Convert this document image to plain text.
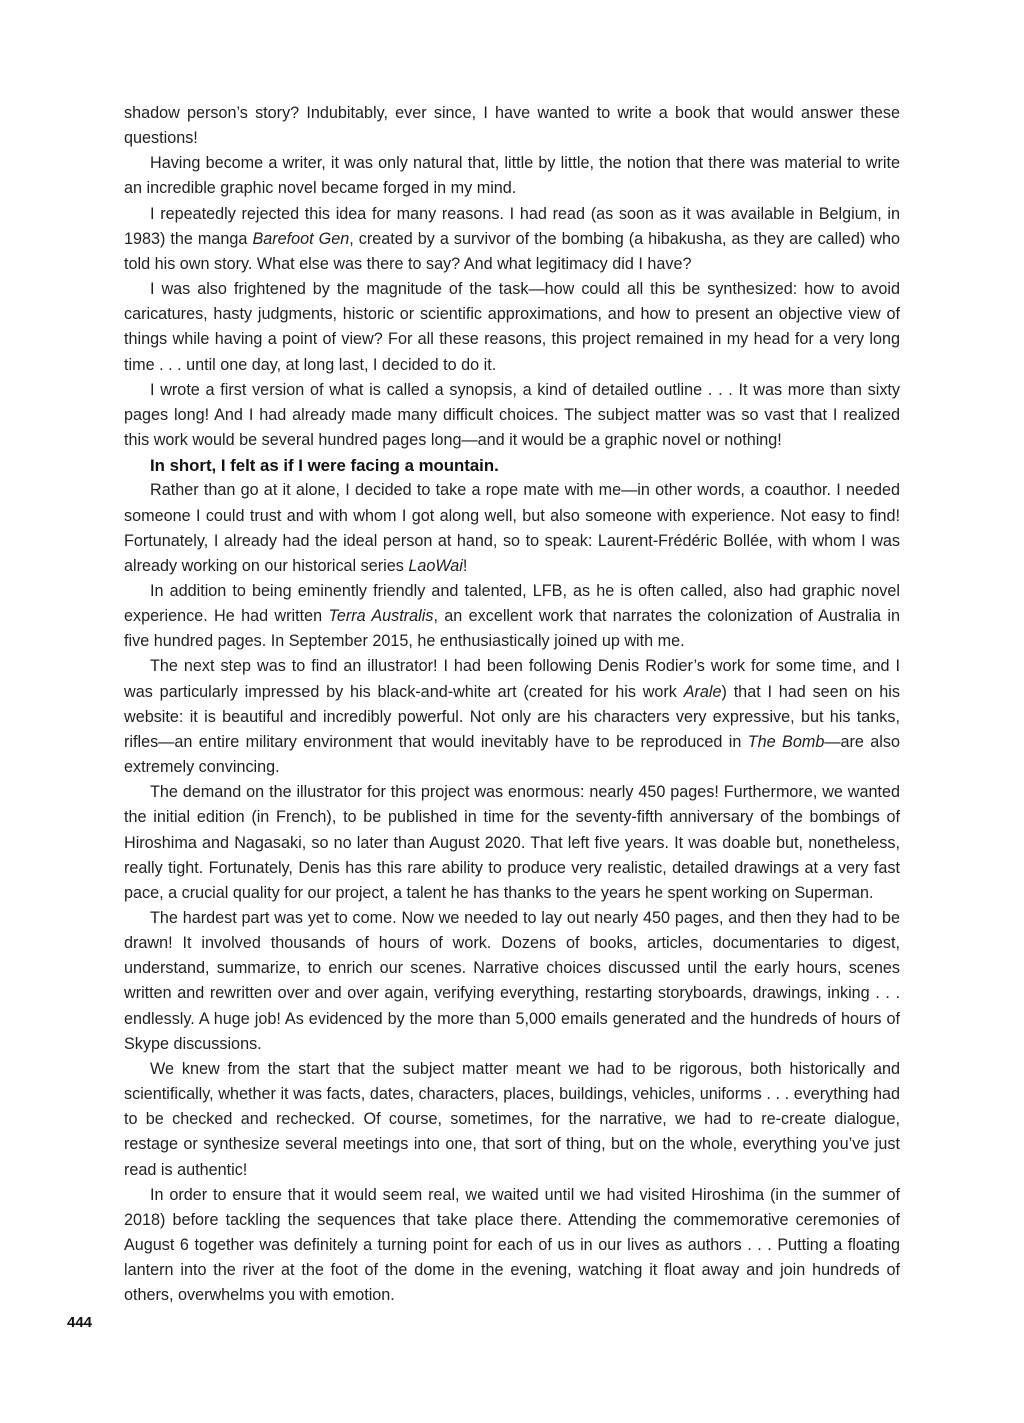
shadow person’s story? Indubitably, ever since, I have wanted to write a book that would answer these questions!

Having become a writer, it was only natural that, little by little, the notion that there was material to write an incredible graphic novel became forged in my mind.

I repeatedly rejected this idea for many reasons. I had read (as soon as it was available in Belgium, in 1983) the manga Barefoot Gen, created by a survivor of the bombing (a hibakusha, as they are called) who told his own story. What else was there to say? And what legitimacy did I have?

I was also frightened by the magnitude of the task—how could all this be synthesized: how to avoid caricatures, hasty judgments, historic or scientific approximations, and how to present an objective view of things while having a point of view? For all these reasons, this project remained in my head for a very long time . . . until one day, at long last, I decided to do it.

I wrote a first version of what is called a synopsis, a kind of detailed outline . . . It was more than sixty pages long! And I had already made many difficult choices. The subject matter was so vast that I realized this work would be several hundred pages long—and it would be a graphic novel or nothing!

In short, I felt as if I were facing a mountain.

Rather than go at it alone, I decided to take a rope mate with me—in other words, a coauthor. I needed someone I could trust and with whom I got along well, but also someone with experience. Not easy to find! Fortunately, I already had the ideal person at hand, so to speak: Laurent-Frédéric Bollée, with whom I was already working on our historical series LaoWai!

In addition to being eminently friendly and talented, LFB, as he is often called, also had graphic novel experience. He had written Terra Australis, an excellent work that narrates the colonization of Australia in five hundred pages. In September 2015, he enthusiastically joined up with me.

The next step was to find an illustrator! I had been following Denis Rodier’s work for some time, and I was particularly impressed by his black-and-white art (created for his work Arale) that I had seen on his website: it is beautiful and incredibly powerful. Not only are his characters very expressive, but his tanks, rifles—an entire military environment that would inevitably have to be reproduced in The Bomb—are also extremely convincing.

The demand on the illustrator for this project was enormous: nearly 450 pages! Furthermore, we wanted the initial edition (in French), to be published in time for the seventy-fifth anniversary of the bombings of Hiroshima and Nagasaki, so no later than August 2020. That left five years. It was doable but, nonetheless, really tight. Fortunately, Denis has this rare ability to produce very realistic, detailed drawings at a very fast pace, a crucial quality for our project, a talent he has thanks to the years he spent working on Superman.

The hardest part was yet to come. Now we needed to lay out nearly 450 pages, and then they had to be drawn! It involved thousands of hours of work. Dozens of books, articles, documentaries to digest, understand, summarize, to enrich our scenes. Narrative choices discussed until the early hours, scenes written and rewritten over and over again, verifying everything, restarting storyboards, drawings, inking . . . endlessly. A huge job! As evidenced by the more than 5,000 emails generated and the hundreds of hours of Skype discussions.

We knew from the start that the subject matter meant we had to be rigorous, both historically and scientifically, whether it was facts, dates, characters, places, buildings, vehicles, uniforms . . . everything had to be checked and rechecked. Of course, sometimes, for the narrative, we had to re-create dialogue, restage or synthesize several meetings into one, that sort of thing, but on the whole, everything you’ve just read is authentic!

In order to ensure that it would seem real, we waited until we had visited Hiroshima (in the summer of 2018) before tackling the sequences that take place there. Attending the commemorative ceremonies of August 6 together was definitely a turning point for each of us in our lives as authors . . . Putting a floating lantern into the river at the foot of the dome in the evening, watching it float away and join hundreds of others, overwhelms you with emotion.

444
